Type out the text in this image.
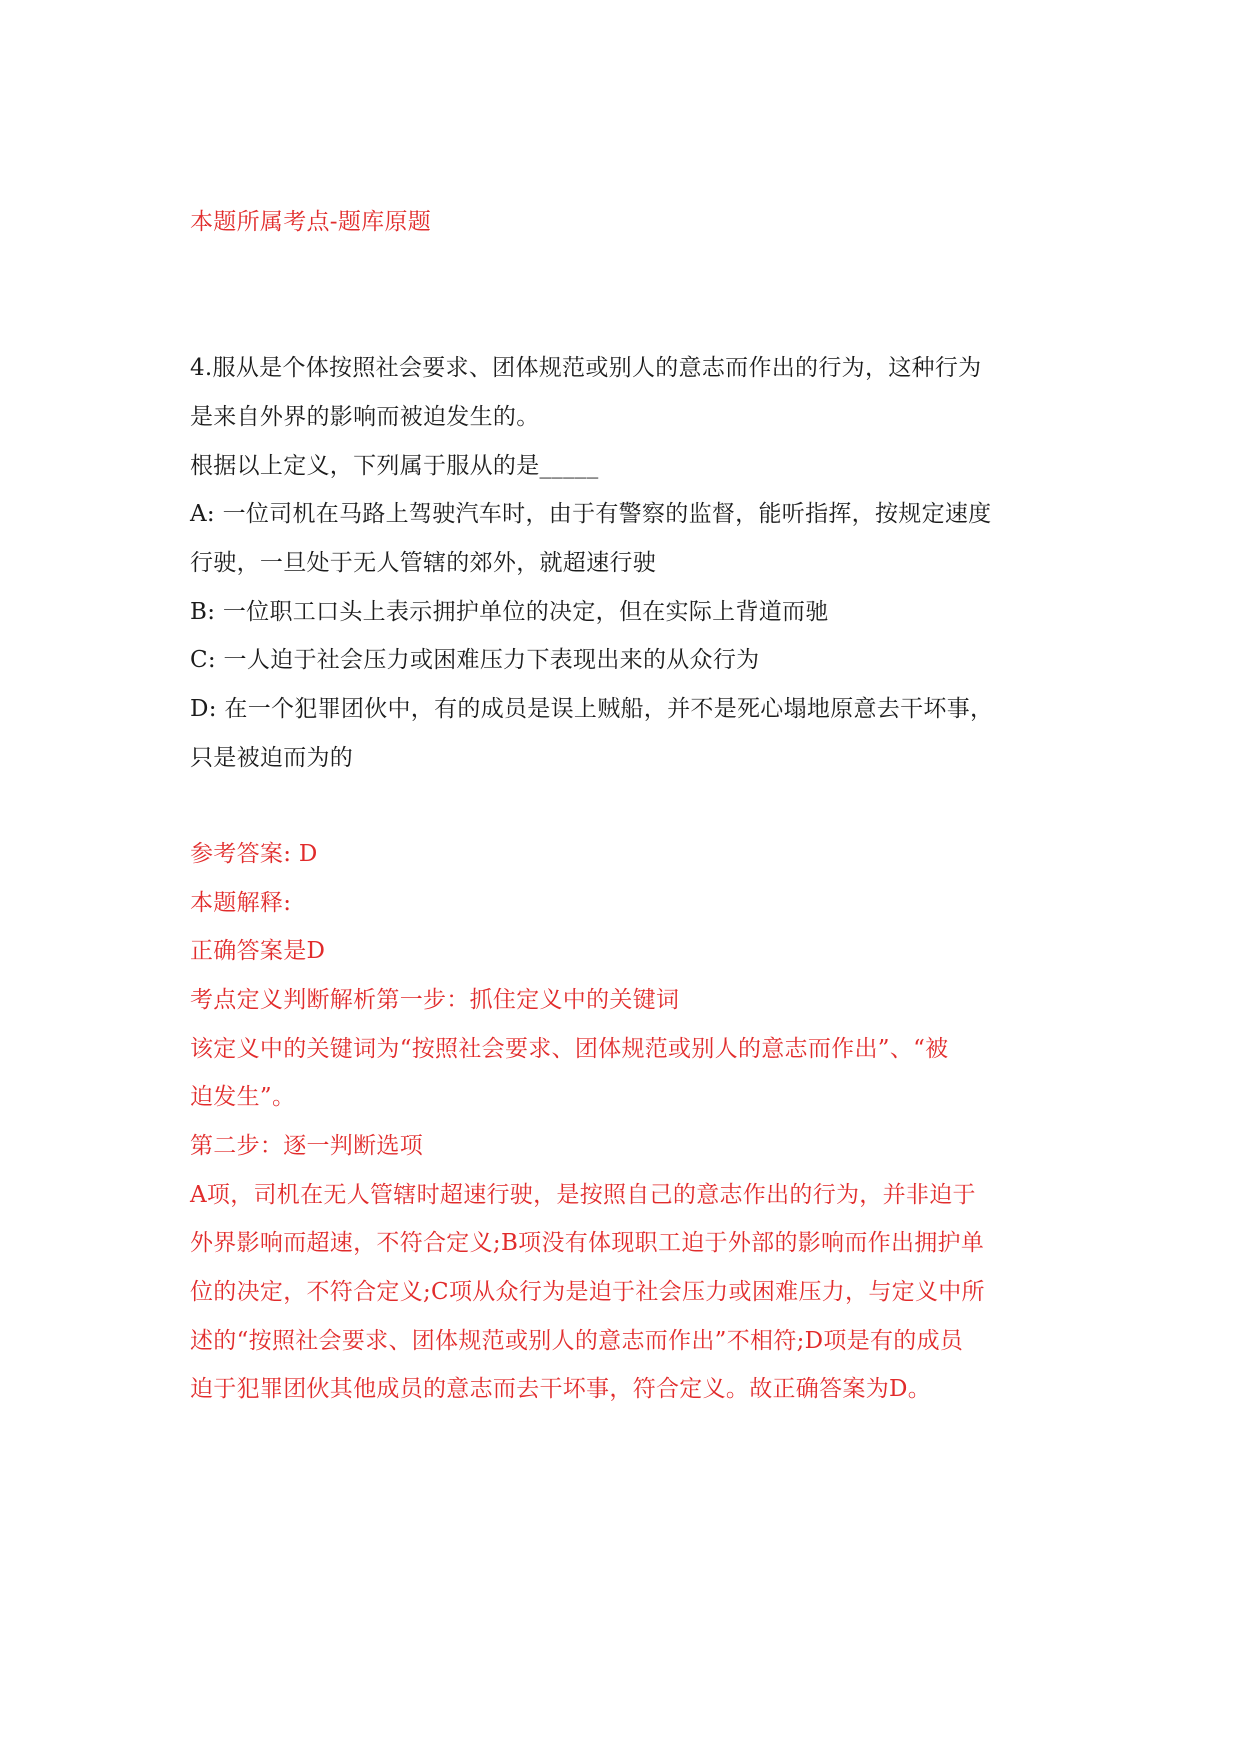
本题所属考点-题库原题
4.服从是个体按照社会要求、团体规范或别人的意志而作出的行为，这种行为
是来自外界的影响而被迫发生的。
根据以上定义，下列属于服从的是_____
A: 一位司机在马路上驾驶汽车时，由于有警察的监督，能听指挥，按规定速度
行驶，一旦处于无人管辖的郊外，就超速行驶
B: 一位职工口头上表示拥护单位的决定，但在实际上背道而驰
C: 一人迫于社会压力或困难压力下表现出来的从众行为
D: 在一个犯罪团伙中，有的成员是误上贼船，并不是死心塌地原意去干坏事，
只是被迫而为的
参考答案: D
本题解释:
正确答案是D
考点定义判断解析第一步：抓住定义中的关键词
该定义中的关键词为“按照社会要求、团体规范或别人的意志而作出”、“被
迫发生”。
第二步：逐一判断选项
A项，司机在无人管辖时超速行驶，是按照自己的意志作出的行为，并非迫于
外界影响而超速，不符合定义;B项没有体现职工迫于外部的影响而作出拥护单
位的决定，不符合定义;C项从众行为是迫于社会压力或困难压力，与定义中所
述的“按照社会要求、团体规范或别人的意志而作出”不相符;D项是有的成员
迫于犯罪团伙其他成员的意志而去干坏事，符合定义。故正确答案为D。
